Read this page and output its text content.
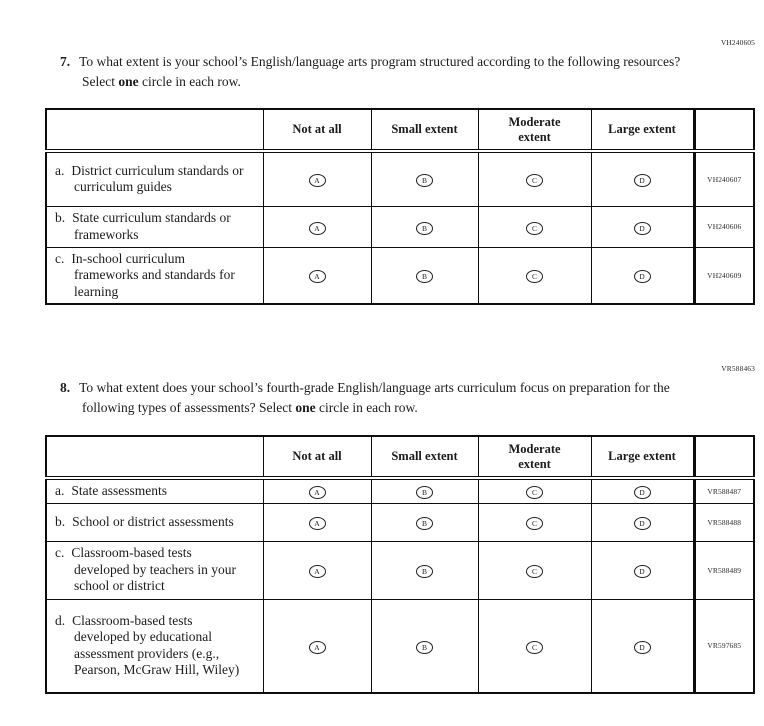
VH240605
7. To what extent is your school’s English/language arts program structured according to the following resources? Select one circle in each row.
	Not at all	Small extent	Moderate extent	Large extent	

a. District curriculum standards or curriculum guides	A	B	C	D	VH240607

b. State curriculum standards or frameworks	A	B	C	D	VH240606

c. In-school curriculum frameworks and standards for learning	A	B	C	D	VH240609
VR588463
8. To what extent does your school’s fourth-grade English/language arts curriculum focus on preparation for the following types of assessments? Select one circle in each row.
	Not at all	Small extent	Moderate extent	Large extent	

a. State assessments	A	B	C	D	VR588487

b. School or district assessments	A	B	C	D	VR588488

c. Classroom-based tests developed by teachers in your school or district	A	B	C	D	VR588489

d. Classroom-based tests developed by educational assessment providers (e.g., Pearson, McGraw Hill, Wiley)	A	B	C	D	VR597685
